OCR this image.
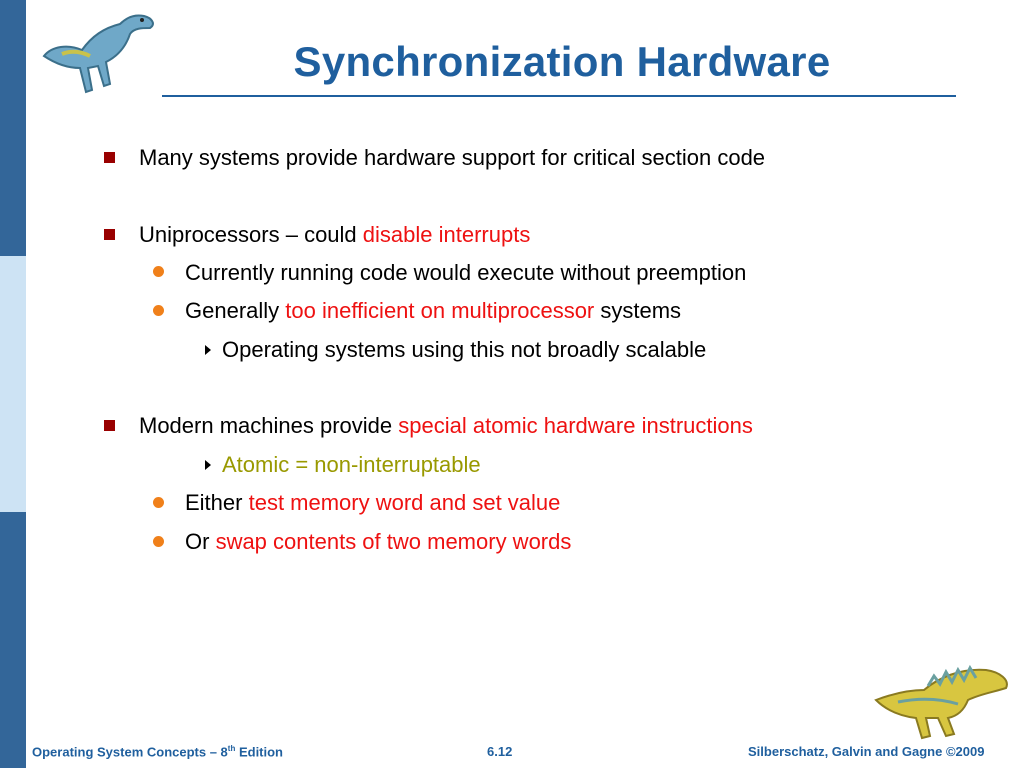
Synchronization Hardware
Many systems provide hardware support for critical section code
Uniprocessors – could disable interrupts
Currently running code would execute without preemption
Generally too inefficient on multiprocessor systems
Operating systems using this not broadly scalable
Modern machines provide special atomic hardware instructions
Atomic = non-interruptable
Either test memory word and set value
Or swap contents of two memory words
Operating System Concepts – 8th Edition	6.12	Silberschatz, Galvin and Gagne ©2009
